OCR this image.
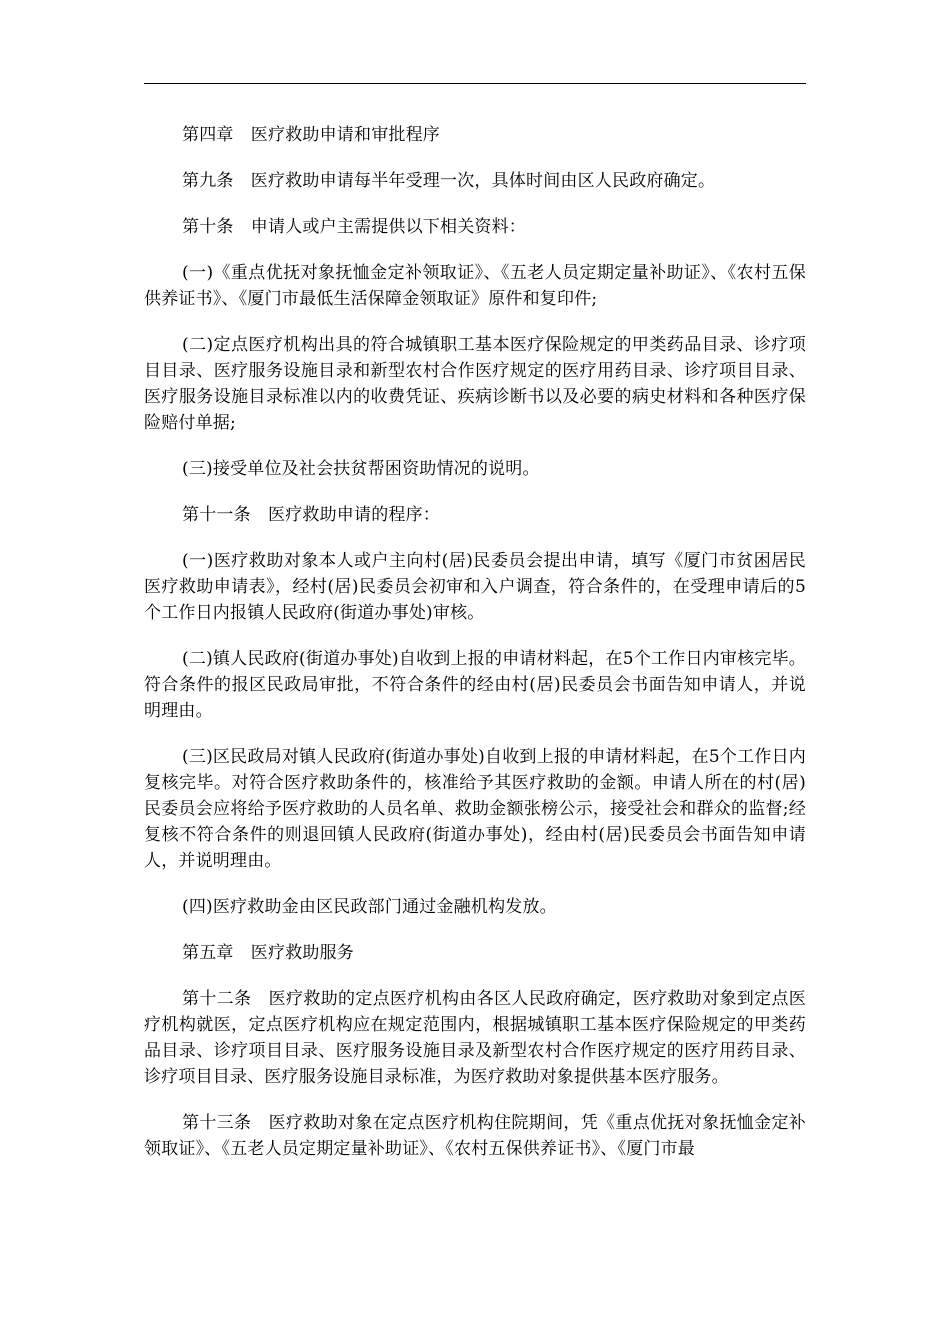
第四章　医疗救助申请和审批程序

第九条　医疗救助申请每半年受理一次，具体时间由区人民政府确定。

第十条　申请人或户主需提供以下相关资料：

(一)《重点优抚对象抚恤金定补领取证》、《五老人员定期定量补助证》、《农村五保供养证书》、《厦门市最低生活保障金领取证》原件和复印件;

(二)定点医疗机构出具的符合城镇职工基本医疗保险规定的甲类药品目录、诊疗项目目录、医疗服务设施目录和新型农村合作医疗规定的医疗用药目录、诊疗项目目录、医疗服务设施目录标准以内的收费凭证、疾病诊断书以及必要的病史材料和各种医疗保险赔付单据;

(三)接受单位及社会扶贫帮困资助情况的说明。

第十一条　医疗救助申请的程序：

(一)医疗救助对象本人或户主向村(居)民委员会提出申请，填写《厦门市贫困居民医疗救助申请表》，经村(居)民委员会初审和入户调查，符合条件的，在受理申请后的5个工作日内报镇人民政府(街道办事处)审核。

(二)镇人民政府(街道办事处)自收到上报的申请材料起，在5个工作日内审核完毕。符合条件的报区民政局审批，不符合条件的经由村(居)民委员会书面告知申请人，并说明理由。

(三)区民政局对镇人民政府(街道办事处)自收到上报的申请材料起，在5个工作日内复核完毕。对符合医疗救助条件的，核准给予其医疗救助的金额。申请人所在的村(居)民委员会应将给予医疗救助的人员名单、救助金额张榜公示，接受社会和群众的监督;经复核不符合条件的则退回镇人民政府(街道办事处)，经由村(居)民委员会书面告知申请人，并说明理由。

(四)医疗救助金由区民政部门通过金融机构发放。

第五章　医疗救助服务

第十二条　医疗救助的定点医疗机构由各区人民政府确定，医疗救助对象到定点医疗机构就医，定点医疗机构应在规定范围内，根据城镇职工基本医疗保险规定的甲类药品目录、诊疗项目目录、医疗服务设施目录及新型农村合作医疗规定的医疗用药目录、诊疗项目目录、医疗服务设施目录标准，为医疗救助对象提供基本医疗服务。

第十三条　医疗救助对象在定点医疗机构住院期间，凭《重点优抚对象抚恤金定补领取证》、《五老人员定期定量补助证》、《农村五保供养证书》、《厦门市最
